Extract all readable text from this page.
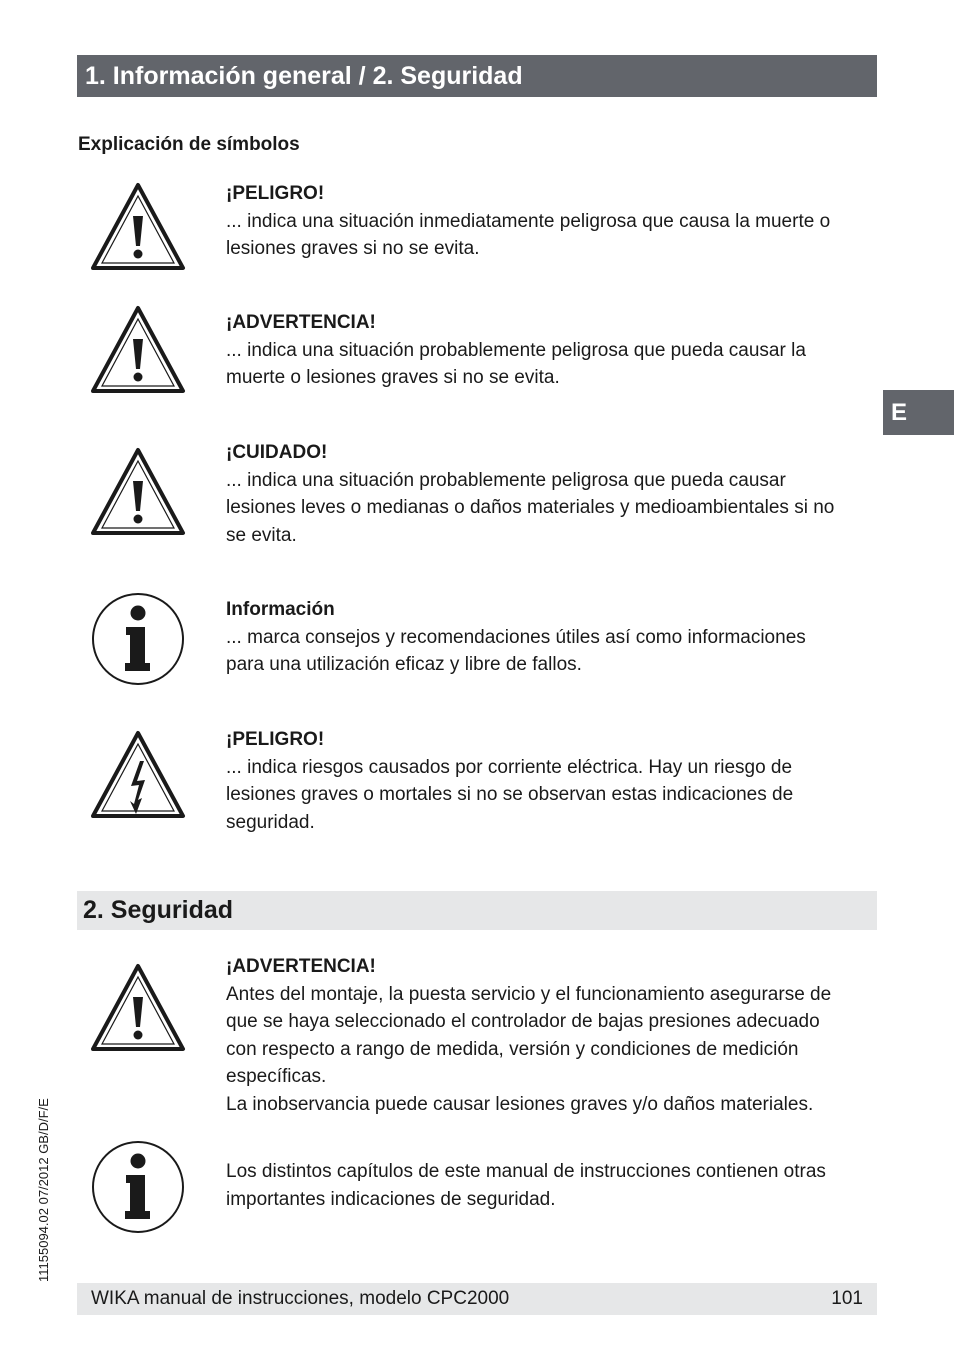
1. Información general / 2. Seguridad
E
Explicación de símbolos
¡PELIGRO!
... indica una situación inmediatamente peligrosa que causa la muerte o
lesiones graves si no se evita.
¡ADVERTENCIA!
... indica una situación probablemente peligrosa que pueda causar la
muerte o lesiones graves si no se evita.
¡CUIDADO!
... indica una situación probablemente peligrosa que pueda causar
lesiones leves o medianas o daños materiales y medioambientales si no
se evita.
Información
... marca consejos y recomendaciones útiles así como informaciones
para una utilización eficaz y libre de fallos.
¡PELIGRO!
... indica riesgos causados por corriente eléctrica. Hay un riesgo de
lesiones graves o mortales si no se observan estas indicaciones de
seguridad.
2. Seguridad
¡ADVERTENCIA!
Antes del montaje, la puesta servicio y el funcionamiento asegurarse de
que se haya seleccionado el controlador de bajas presiones adecuado
con respecto a rango de medida, versión y condiciones de medición
específicas.
La inobservancia puede causar lesiones graves y/o daños materiales.
Los distintos capítulos de este manual de instrucciones contienen otras
importantes indicaciones de seguridad.
11155094.02 07/2012 GB/D/F/E
WIKA manual de instrucciones, modelo CPC2000	101
